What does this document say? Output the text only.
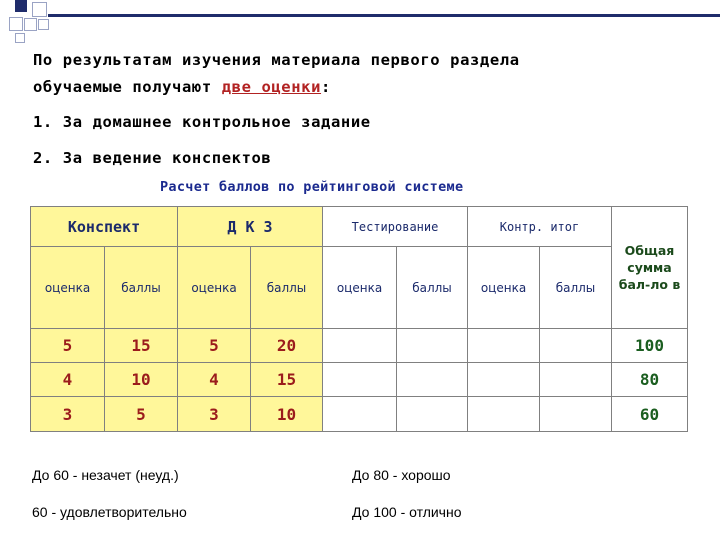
По результатам изучения материала первого раздела
обучаемые получают две оценки:
1. За домашнее контрольное задание
2. За ведение конспектов
Расчет баллов по рейтинговой системе
Конспект		Д К З		Тестирование		Контр. итог		Общая сумма бал-ло в
оценка	баллы	оценка	баллы	оценка	баллы	оценка	баллы	
5	15	5	20					100
4	10	4	15					80
3	5	3	10					60
До 60 - незачет (неуд.)
60 - удовлетворительно
До 80 - хорошо
До 100 - отлично
